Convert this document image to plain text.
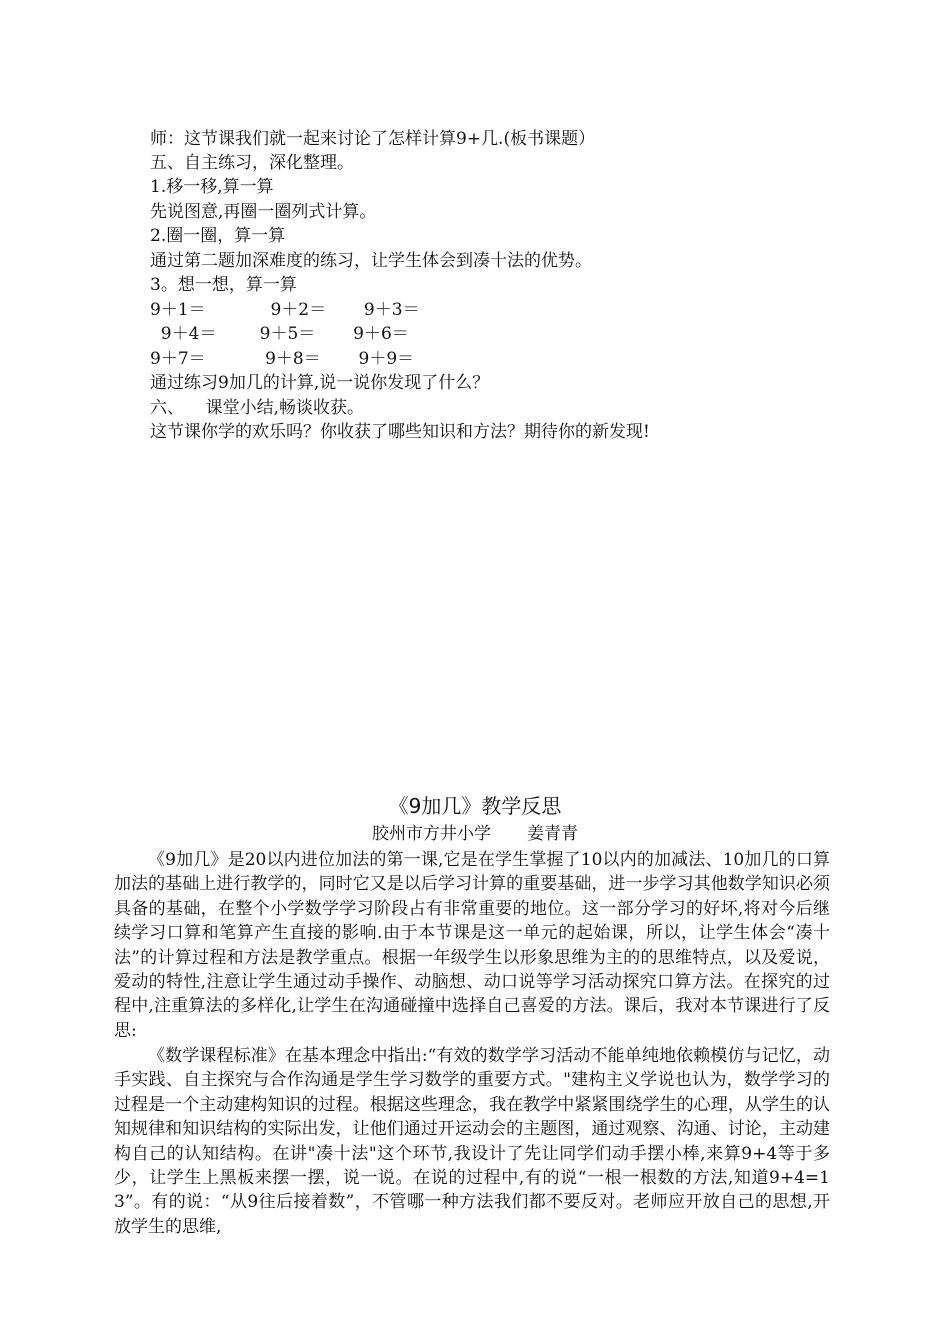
师：这节课我们就一起来讨论了怎样计算9+几.(板书课题）
五、自主练习，深化整理。
1.移一移,算一算
先说图意,再圈一圈列式计算。
2.圈一圈，算一算
通过第二题加深难度的练习，让学生体会到凑十法的优势。
3。想一想，算一算
9＋1＝            9＋2＝       9＋3＝
9＋4＝        9＋5＝       9＋6＝
9＋7＝           9＋8＝       9＋9＝
通过练习9加几的计算,说一说你发现了什么？
六、    课堂小结,畅谈收获。
这节课你学的欢乐吗？你收获了哪些知识和方法？期待你的新发现!
《9加几》教学反思
胶州市方井小学 姜青青

《9加几》是20以内进位加法的第一课,它是在学生掌握了10以内的加减法、10加几的口算加法的基础上进行教学的，同时它又是以后学习计算的重要基础，进一步学习其他数学知识必须具备的基础，在整个小学数学学习阶段占有非常重要的地位。这一部分学习的好坏,将对今后继续学习口算和笔算产生直接的影响.由于本节课是这一单元的起始课，所以，让学生体会“凑十法”的计算过程和方法是教学重点。根据一年级学生以形象思维为主的的思维特点，以及爱说，爱动的特性,注意让学生通过动手操作、动脑想、动口说等学习活动探究口算方法。在探究的过程中,注重算法的多样化,让学生在沟通碰撞中选择自己喜爱的方法。课后，我对本节课进行了反思:

《数学课程标准》在基本理念中指出:“有效的数学学习活动不能单纯地依赖模仿与记忆，动手实践、自主探究与合作沟通是学生学习数学的重要方式。"建构主义学说也认为，数学学习的过程是一个主动建构知识的过程。根据这些理念，我在教学中紧紧围绕学生的心理，从学生的认知规律和知识结构的实际出发，让他们通过开运动会的主题图，通过观察、沟通、讨论，主动建构自己的认知结构。在讲"凑十法"这个环节,我设计了先让同学们动手摆小棒,来算9+4等于多少，让学生上黑板来摆一摆，说一说。在说的过程中,有的说“一根一根数的方法,知道9+4=13”。有的说：“从9往后接着数”，不管哪一种方法我们都不要反对。老师应开放自己的思想,开放学生的思维,
